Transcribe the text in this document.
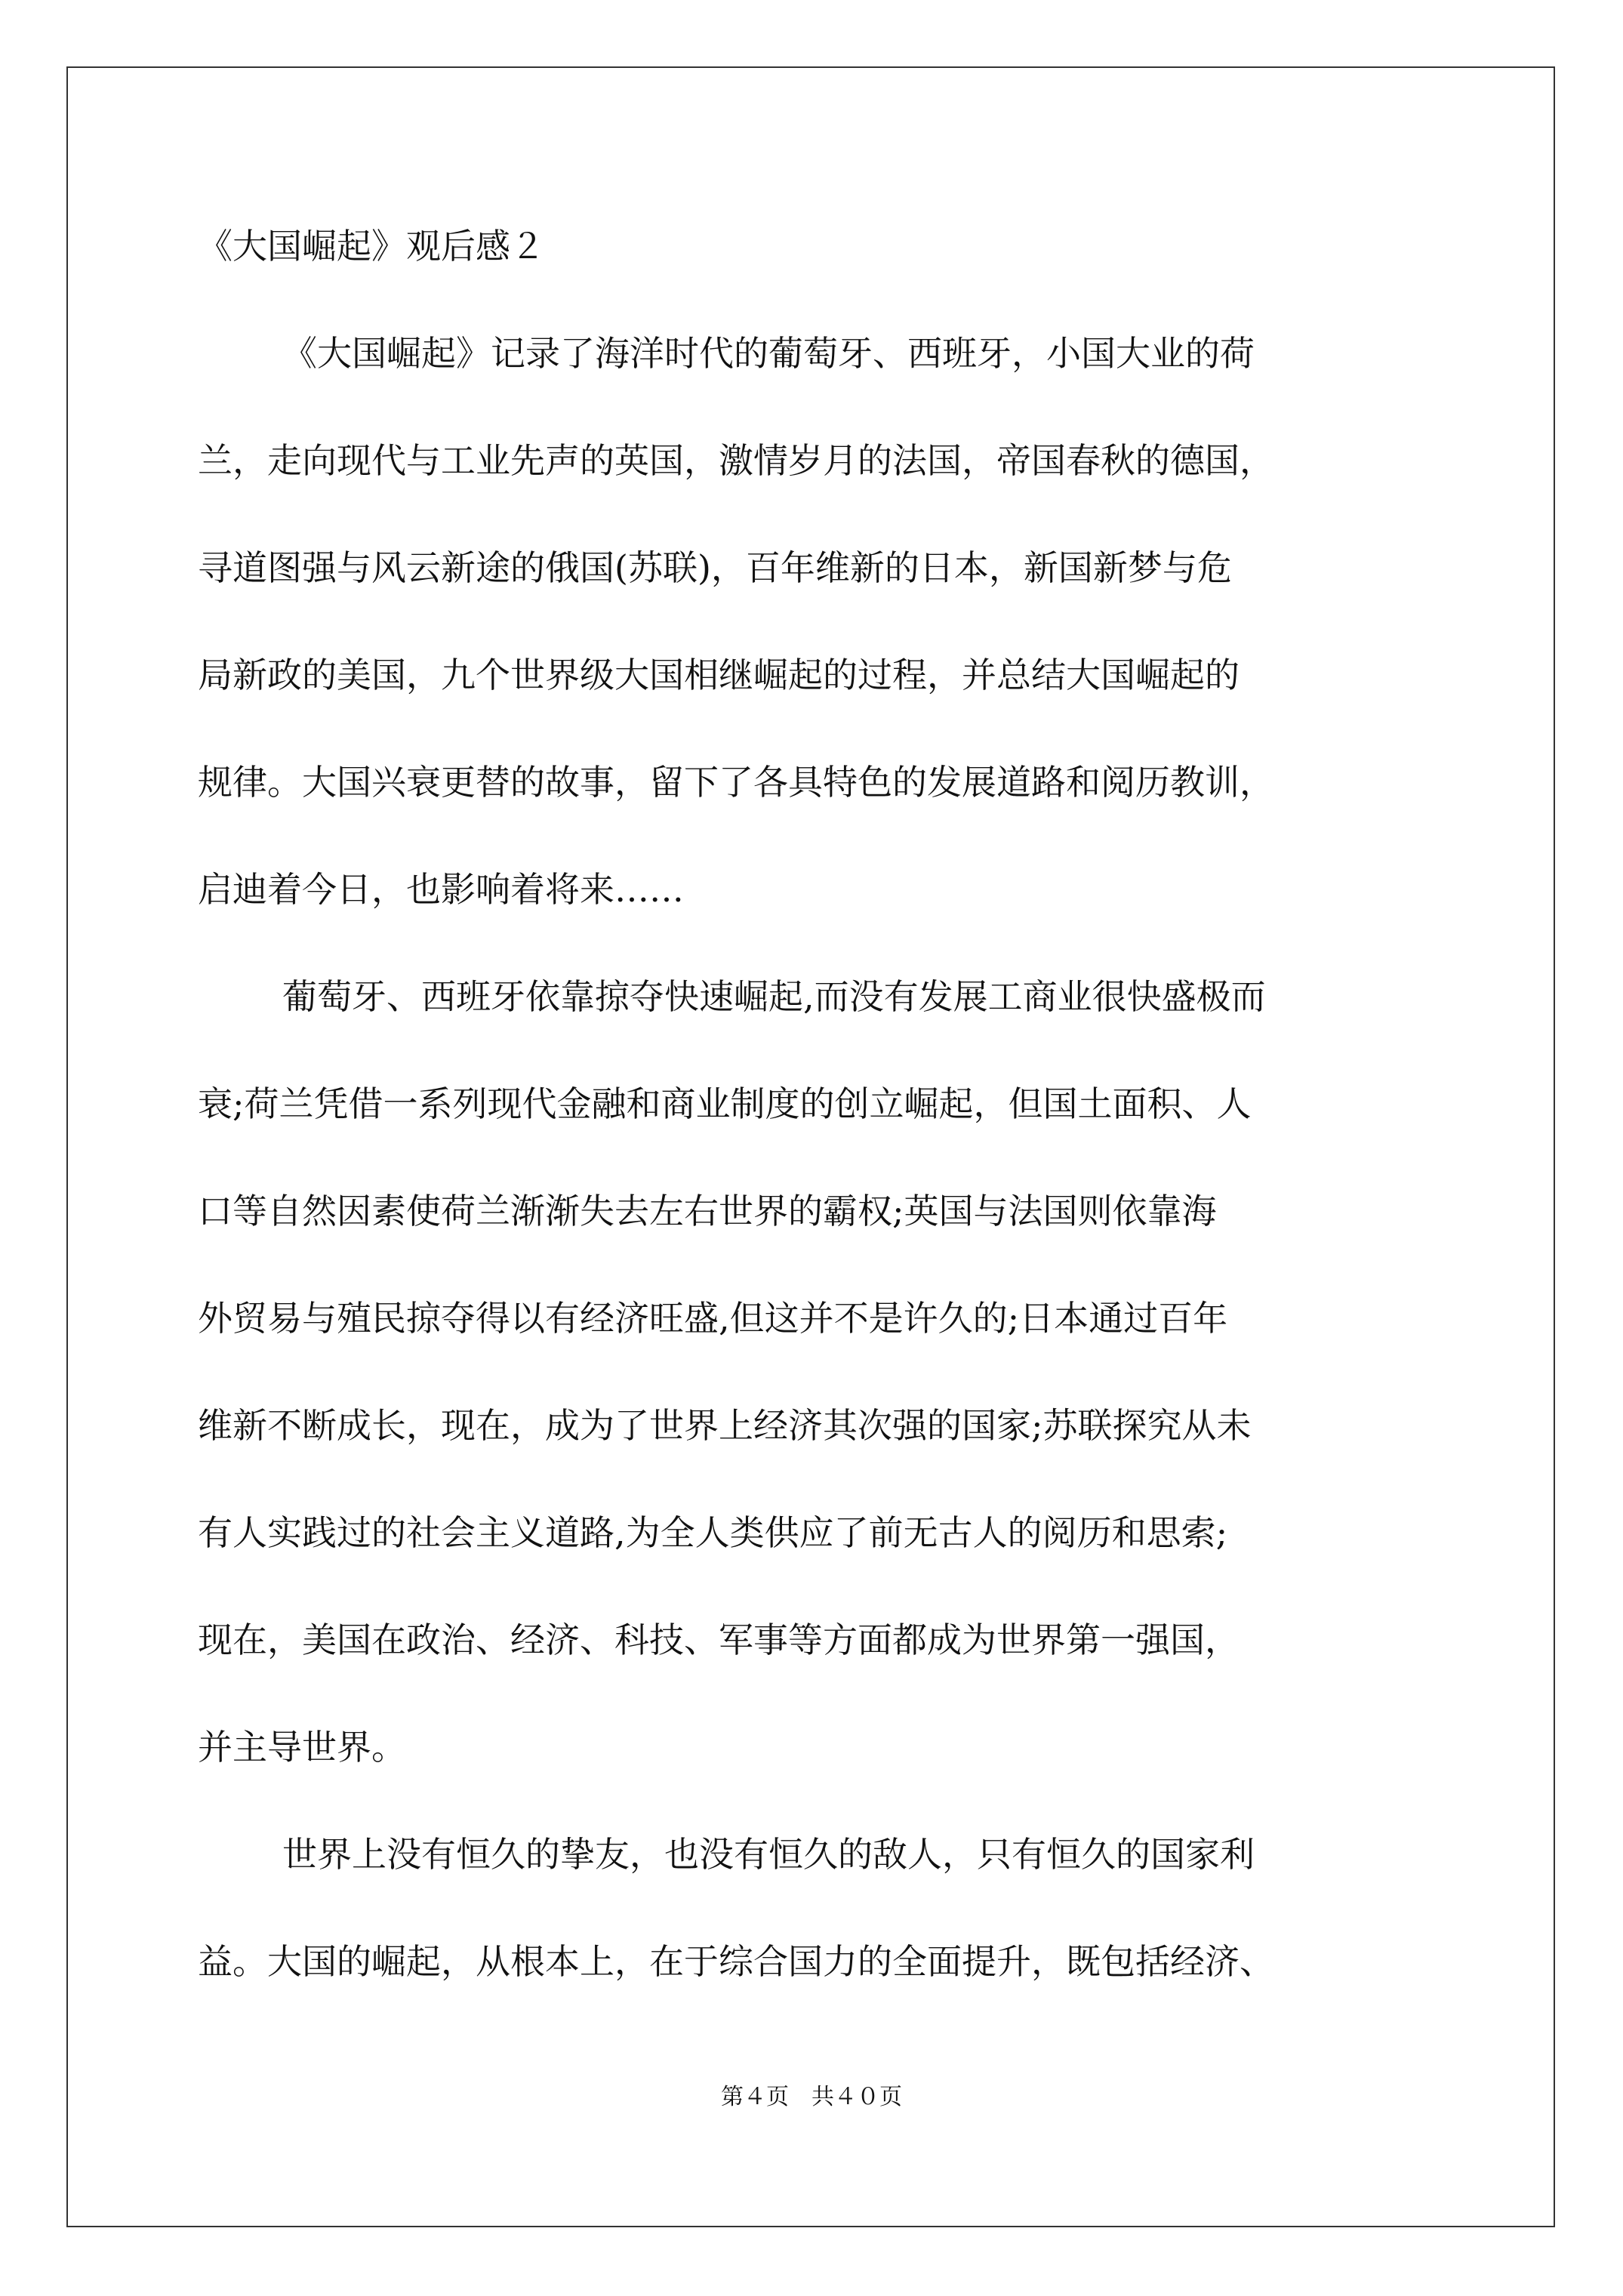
《大国崛起》观后感２
《大国崛起》记录了海洋时代的葡萄牙、西班牙，小国大业的荷
兰，走向现代与工业先声的英国，激情岁月的法国，帝国春秋的德国，
寻道图强与风云新途的俄国(苏联)，百年维新的日本，新国新梦与危
局新政的美国，九个世界级大国相继崛起的过程，并总结大国崛起的
规律。大国兴衰更替的故事，留下了各具特色的发展道路和阅历教训，
启迪着今日，也影响着将来……
葡萄牙、西班牙依靠掠夺快速崛起,而没有发展工商业很快盛极而
衰;荷兰凭借一系列现代金融和商业制度的创立崛起，但国土面积、人
口等自然因素使荷兰渐渐失去左右世界的霸权;英国与法国则依靠海
外贸易与殖民掠夺得以有经济旺盛,但这并不是许久的;日本通过百年
维新不断成长，现在，成为了世界上经济其次强的国家;苏联探究从未
有人实践过的社会主义道路,为全人类供应了前无古人的阅历和思索;
现在，美国在政治、经济、科技、军事等方面都成为世界第一强国，
并主导世界。
世界上没有恒久的挚友，也没有恒久的敌人，只有恒久的国家利
益。大国的崛起，从根本上，在于综合国力的全面提升，既包括经济、
第４页　共４０页
